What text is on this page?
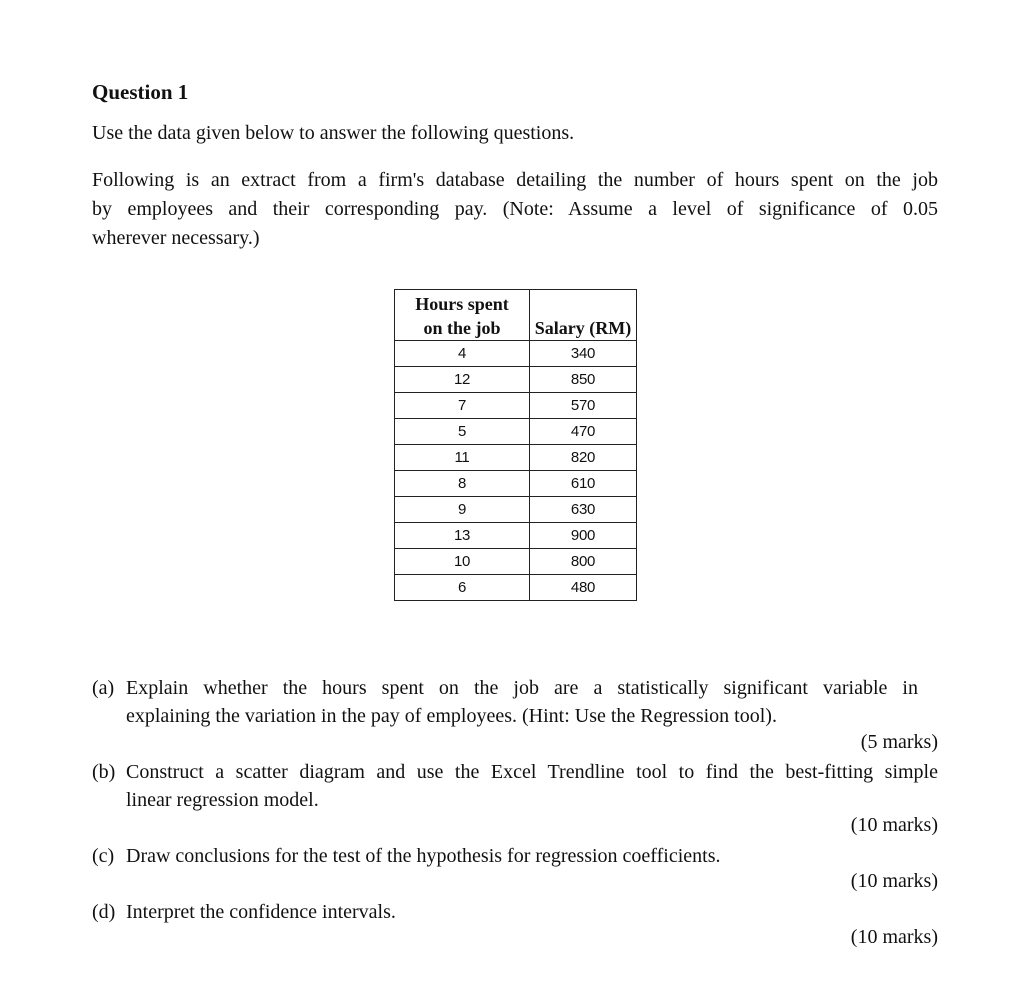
Question 1
Use the data given below to answer the following questions.
Following is an extract from a firm's database detailing the number of hours spent on the job
by employees and their corresponding pay. (Note: Assume a level of significance of 0.05
wherever necessary.)
Hours spent
on the job	Salary (RM)

4	340
12	850
7	570
5	470
11	820
8	610
9	630
13	900
10	800
6	480
(a) Explain whether the hours spent on the job are a statistically significant variable in
explaining the variation in the pay of employees. (Hint: Use the Regression tool).
(5 marks)
(b) Construct a scatter diagram and use the Excel Trendline tool to find the best-fitting simple
linear regression model.
(10 marks)
(c) Draw conclusions for the test of the hypothesis for regression coefficients.
(10 marks)
(d) Interpret the confidence intervals.
(10 marks)
